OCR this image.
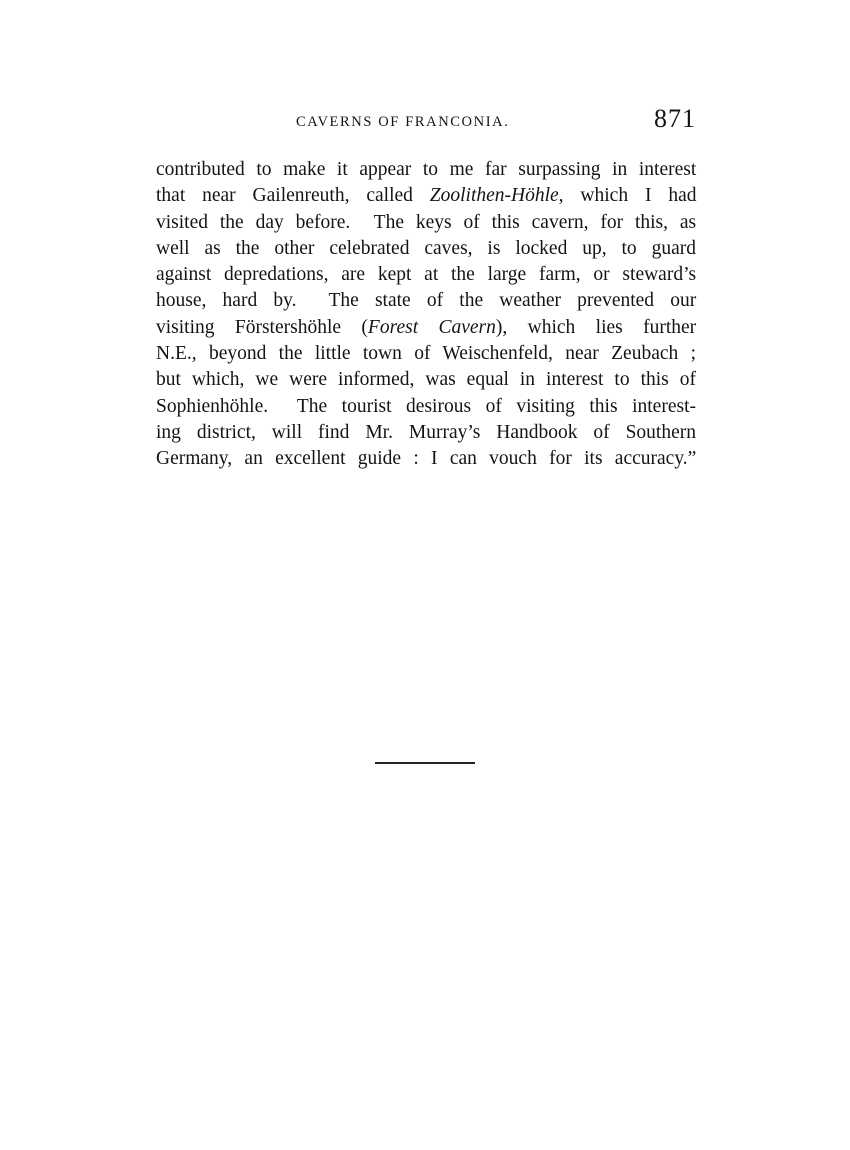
CAVERNS OF FRANCONIA.	871
contributed to make it appear to me far surpassing in interest
that near Gailenreuth, called Zoolithen-Höhle, which I had
visited the day before.  The keys of this cavern, for this, as
well as the other celebrated caves, is locked up, to guard
against depredations, are kept at the large farm, or steward’s
house, hard by.  The state of the weather prevented our
visiting Förstershöhle (Forest Cavern), which lies further
N.E., beyond the little town of Weischenfeld, near Zeubach ;
but which, we were informed, was equal in interest to this of
Sophienhöhle.  The tourist desirous of visiting this interest-
ing district, will find Mr. Murray’s Handbook of Southern
Germany, an excellent guide : I can vouch for its accuracy.”
